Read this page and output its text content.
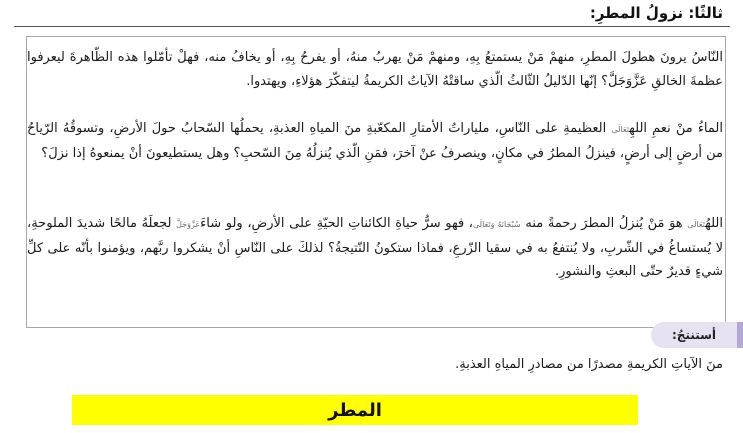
ثالثًا: نزولُ المطرِ:

النّاسُ يرونَ هطولَ المطرِ، منهمْ مَنْ يستمتعُ بِهِ، ومنهمْ مَنْ يهربُ منهُ، أو يفرحُ بِهِ، أو يخافُ منه، فهلْ تأمّلوا هذه الظّاهرةَ ليعرفوا عظمةَ الخالقِ عَزَّوَجَلَّ؟ إنّها الدّليلُ الثّالثُ الّذي ساقتْهُ الآياتُ الكريمةُ ليتفكّرَ هؤلاءِ، ويهتدوا.

الماءُ منْ نعمِ اللهِتَعَالَى العظيمةِ على النّاسِ، ملياراتُ الأمتارِ المكعّبةِ منَ المياهِ العذبةِ، يحملُها السّحابُ حولَ الأرضِ، وتسوقُهُ الرّياحُ من أرضٍ إلى أرضٍ، فينزلُ المطرُ في مكانٍ، وينصرفُ عنْ آخرَ، فمَنِ الّذي يُنزلُهُ مِنَ السّحبِ؟ وهل يستطيعونَ أنْ يمنعوهُ إذا نزلَ؟

اللهُتَعَالَى هوَ مَنْ يُنزلُ المطرَ رحمةً منه سُبْحَانَهُ وَتَعَالَى، فهو سرُّ حياةِ الكائناتِ الحيّةِ على الأرضِ، ولو شاءَعَزَّوَجَلَّ لجعلَهُ مالحًا شديدَ الملوحةِ، لا يُستساغُ في الشّربِ، ولا يُنتفعُ به في سقيا الزّرعِ، فماذا ستكونُ النّتيجةُ؟ لذلكَ على النّاسِ أنْ يشكروا ربَّهم، ويؤمنوا بأنّه على كلِّ شيءٍ قديرٌ حتّى البعثِ والنشورِ.

أستنتجُ:
منَ الآياتِ الكريمةِ مصدرًا من مصادرِ المياهِ العذبةِ.
المطر
